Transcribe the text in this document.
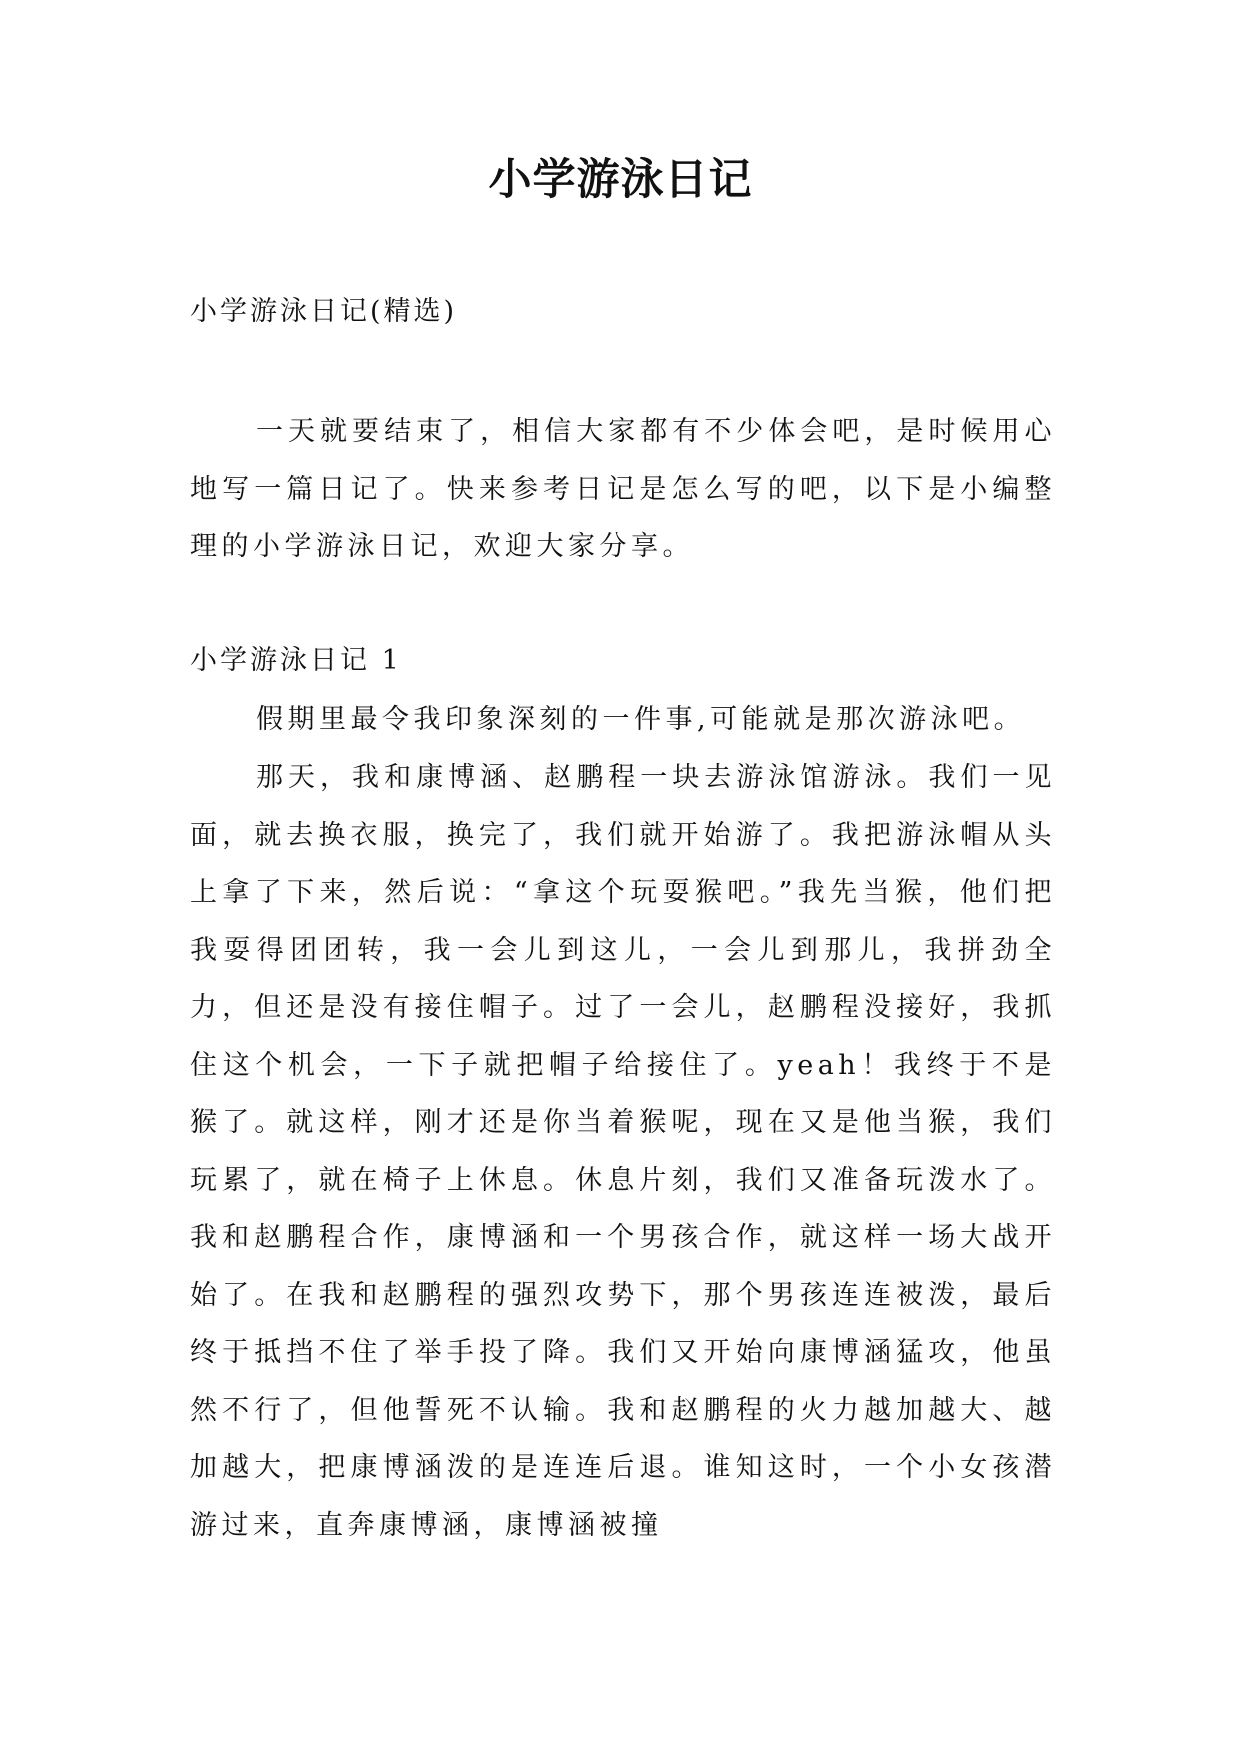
小学游泳日记

小学游泳日记(精选)

一天就要结束了，相信大家都有不少体会吧，是时候用心地写一篇日记了。快来参考日记是怎么写的吧，以下是小编整理的小学游泳日记，欢迎大家分享。

小学游泳日记 1

假期里最令我印象深刻的一件事,可能就是那次游泳吧。

那天，我和康博涵、赵鹏程一块去游泳馆游泳。我们一见面，就去换衣服，换完了，我们就开始游了。我把游泳帽从头上拿了下来，然后说：“拿这个玩耍猴吧。”我先当猴，他们把我耍得团团转，我一会儿到这儿，一会儿到那儿，我拼劲全力，但还是没有接住帽子。过了一会儿，赵鹏程没接好，我抓住这个机会，一下子就把帽子给接住了。yeah！我终于不是猴了。就这样，刚才还是你当着猴呢，现在又是他当猴，我们玩累了，就在椅子上休息。休息片刻，我们又准备玩泼水了。我和赵鹏程合作，康博涵和一个男孩合作，就这样一场大战开始了。在我和赵鹏程的强烈攻势下，那个男孩连连被泼，最后终于抵挡不住了举手投了降。我们又开始向康博涵猛攻，他虽然不行了，但他誓死不认输。我和赵鹏程的火力越加越大、越加越大，把康博涵泼的是连连后退。谁知这时，一个小女孩潜游过来，直奔康博涵，康博涵被撞
